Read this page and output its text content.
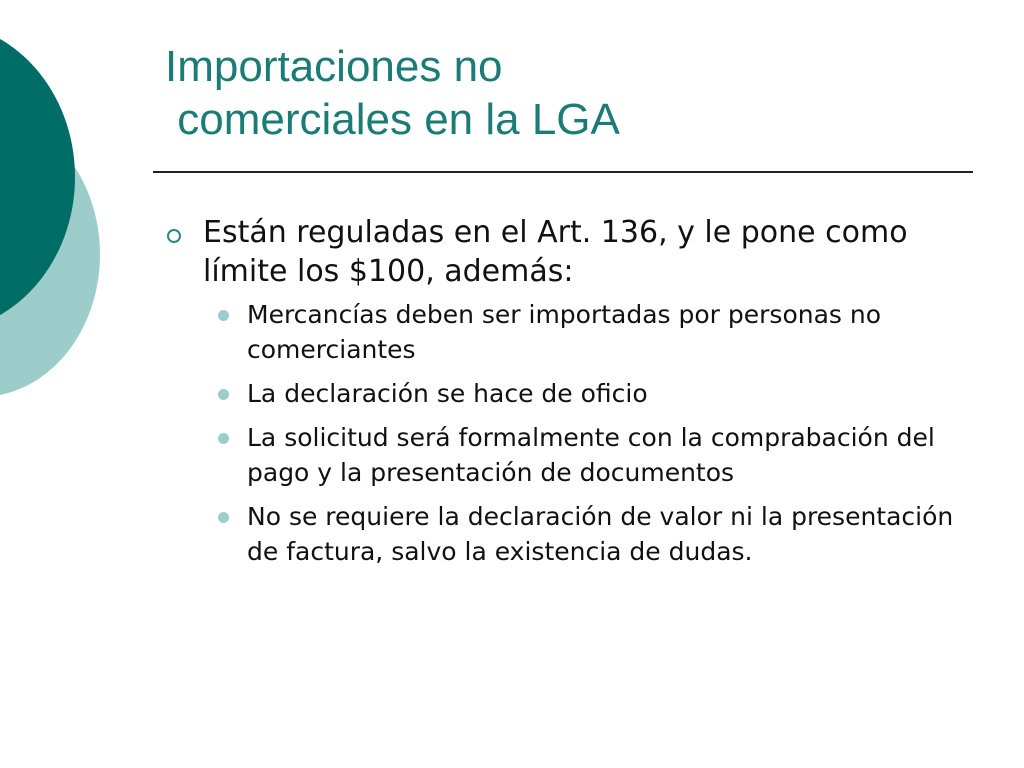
Importaciones no
comerciales en la LGA

Están reguladas en el Art. 136, y le pone como límite los $100, además:

Mercancías deben ser importadas por personas no comerciantes
La declaración se hace de oficio
La solicitud será formalmente con la comprabación del pago y la presentación de documentos
No se requiere la declaración de valor ni la presentación de factura, salvo la existencia de dudas.
